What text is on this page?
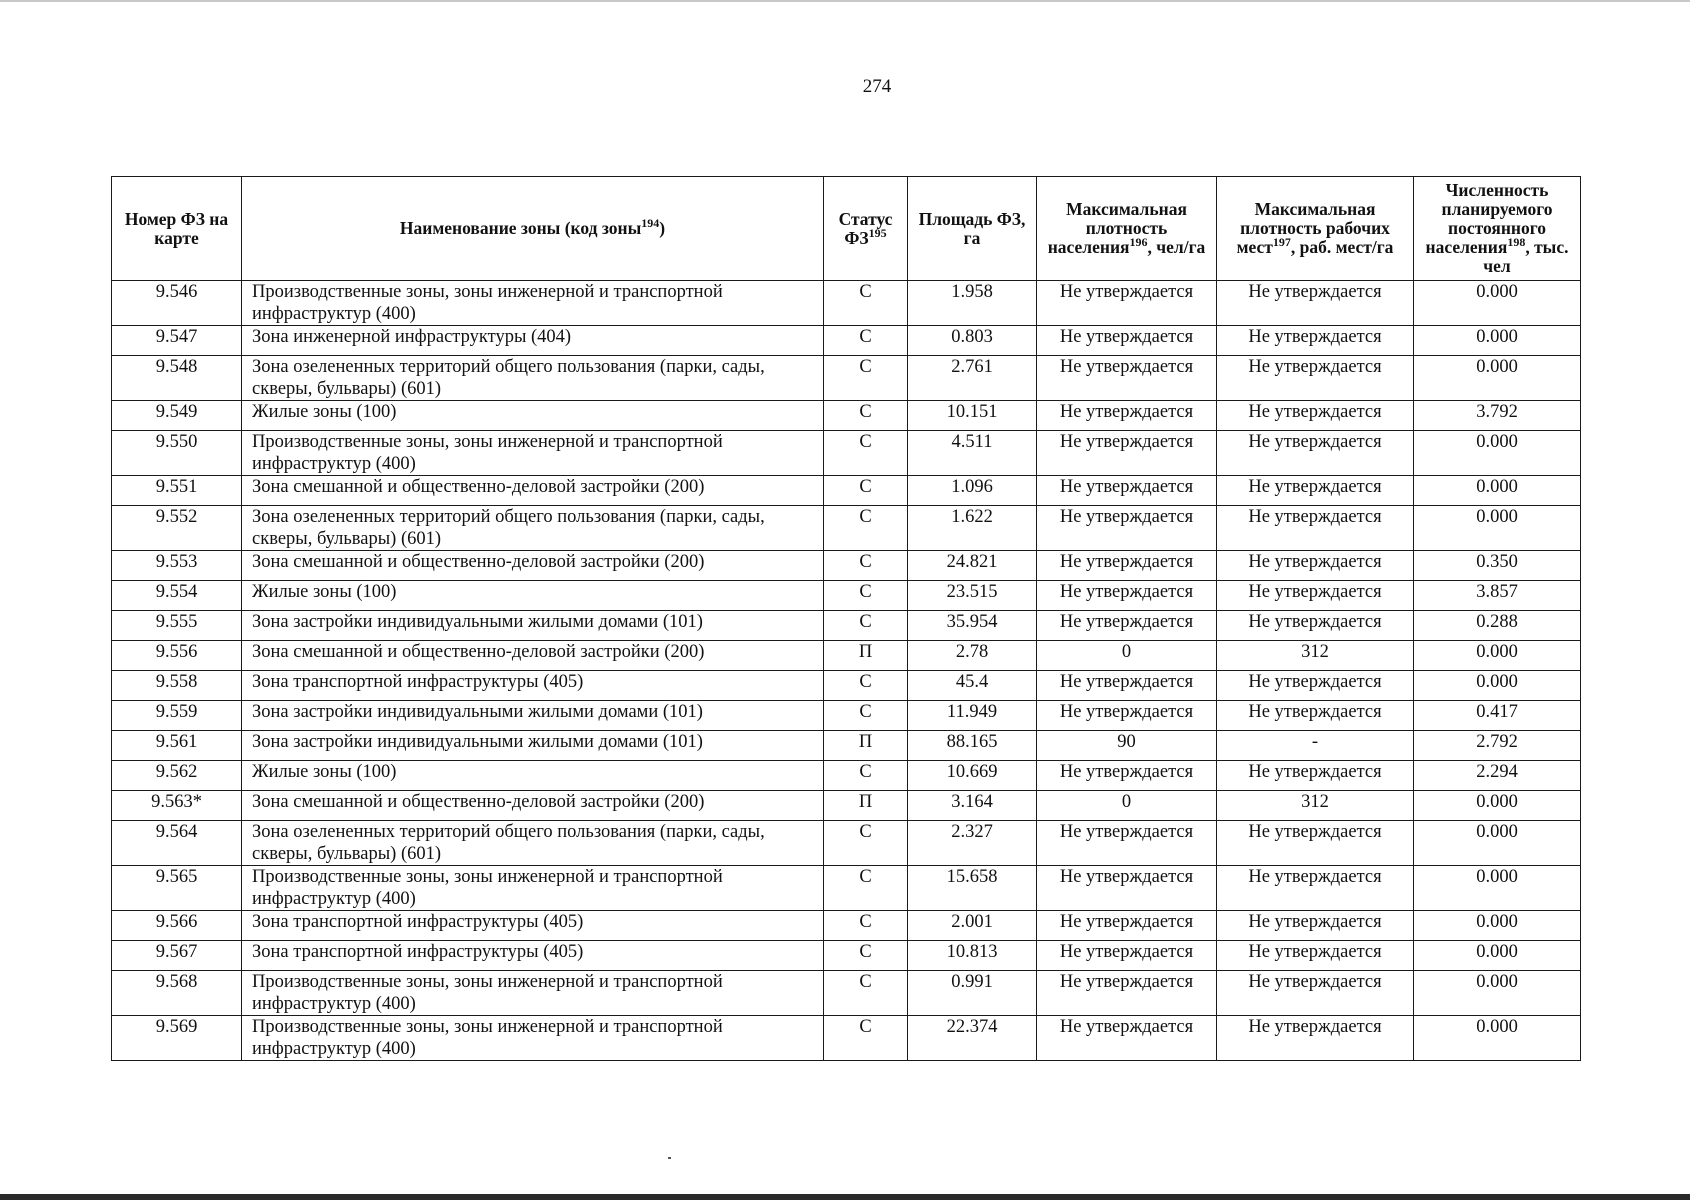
274
Номер ФЗ на карте	Наименование зоны (код зоны$^{194}$)	Статус ФЗ$^{195}$	Площадь ФЗ, га	Максимальная плотность населения$^{196}$, чел/га	Максимальная плотность рабочих мест$^{197}$, раб. мест/га	Численность планируемого постоянного населения$^{198}$, тыс. чел
9.546	Производственные зоны, зоны инженерной и транспортной инфраструктур (400)	С	1.958	Не утверждается	Не утверждается	0.000
9.547	Зона инженерной инфраструктуры (404)	С	0.803	Не утверждается	Не утверждается	0.000
9.548	Зона озелененных территорий общего пользования (парки, сады, скверы, бульвары) (601)	С	2.761	Не утверждается	Не утверждается	0.000
9.549	Жилые зоны (100)	С	10.151	Не утверждается	Не утверждается	3.792
9.550	Производственные зоны, зоны инженерной и транспортной инфраструктур (400)	С	4.511	Не утверждается	Не утверждается	0.000
9.551	Зона смешанной и общественно-деловой застройки (200)	С	1.096	Не утверждается	Не утверждается	0.000
9.552	Зона озелененных территорий общего пользования (парки, сады, скверы, бульвары) (601)	С	1.622	Не утверждается	Не утверждается	0.000
9.553	Зона смешанной и общественно-деловой застройки (200)	С	24.821	Не утверждается	Не утверждается	0.350
9.554	Жилые зоны (100)	С	23.515	Не утверждается	Не утверждается	3.857
9.555	Зона застройки индивидуальными жилыми домами (101)	С	35.954	Не утверждается	Не утверждается	0.288
9.556	Зона смешанной и общественно-деловой застройки (200)	П	2.78	0	312	0.000
9.558	Зона транспортной инфраструктуры (405)	С	45.4	Не утверждается	Не утверждается	0.000
9.559	Зона застройки индивидуальными жилыми домами (101)	С	11.949	Не утверждается	Не утверждается	0.417
9.561	Зона застройки индивидуальными жилыми домами (101)	П	88.165	90	-	2.792
9.562	Жилые зоны (100)	С	10.669	Не утверждается	Не утверждается	2.294
9.563*	Зона смешанной и общественно-деловой застройки (200)	П	3.164	0	312	0.000
9.564	Зона озелененных территорий общего пользования (парки, сады, скверы, бульвары) (601)	С	2.327	Не утверждается	Не утверждается	0.000
9.565	Производственные зоны, зоны инженерной и транспортной инфраструктур (400)	С	15.658	Не утверждается	Не утверждается	0.000
9.566	Зона транспортной инфраструктуры (405)	С	2.001	Не утверждается	Не утверждается	0.000
9.567	Зона транспортной инфраструктуры (405)	С	10.813	Не утверждается	Не утверждается	0.000
9.568	Производственные зоны, зоны инженерной и транспортной инфраструктур (400)	С	0.991	Не утверждается	Не утверждается	0.000
9.569	Производственные зоны, зоны инженерной и транспортной инфраструктур (400)	С	22.374	Не утверждается	Не утверждается	0.000
